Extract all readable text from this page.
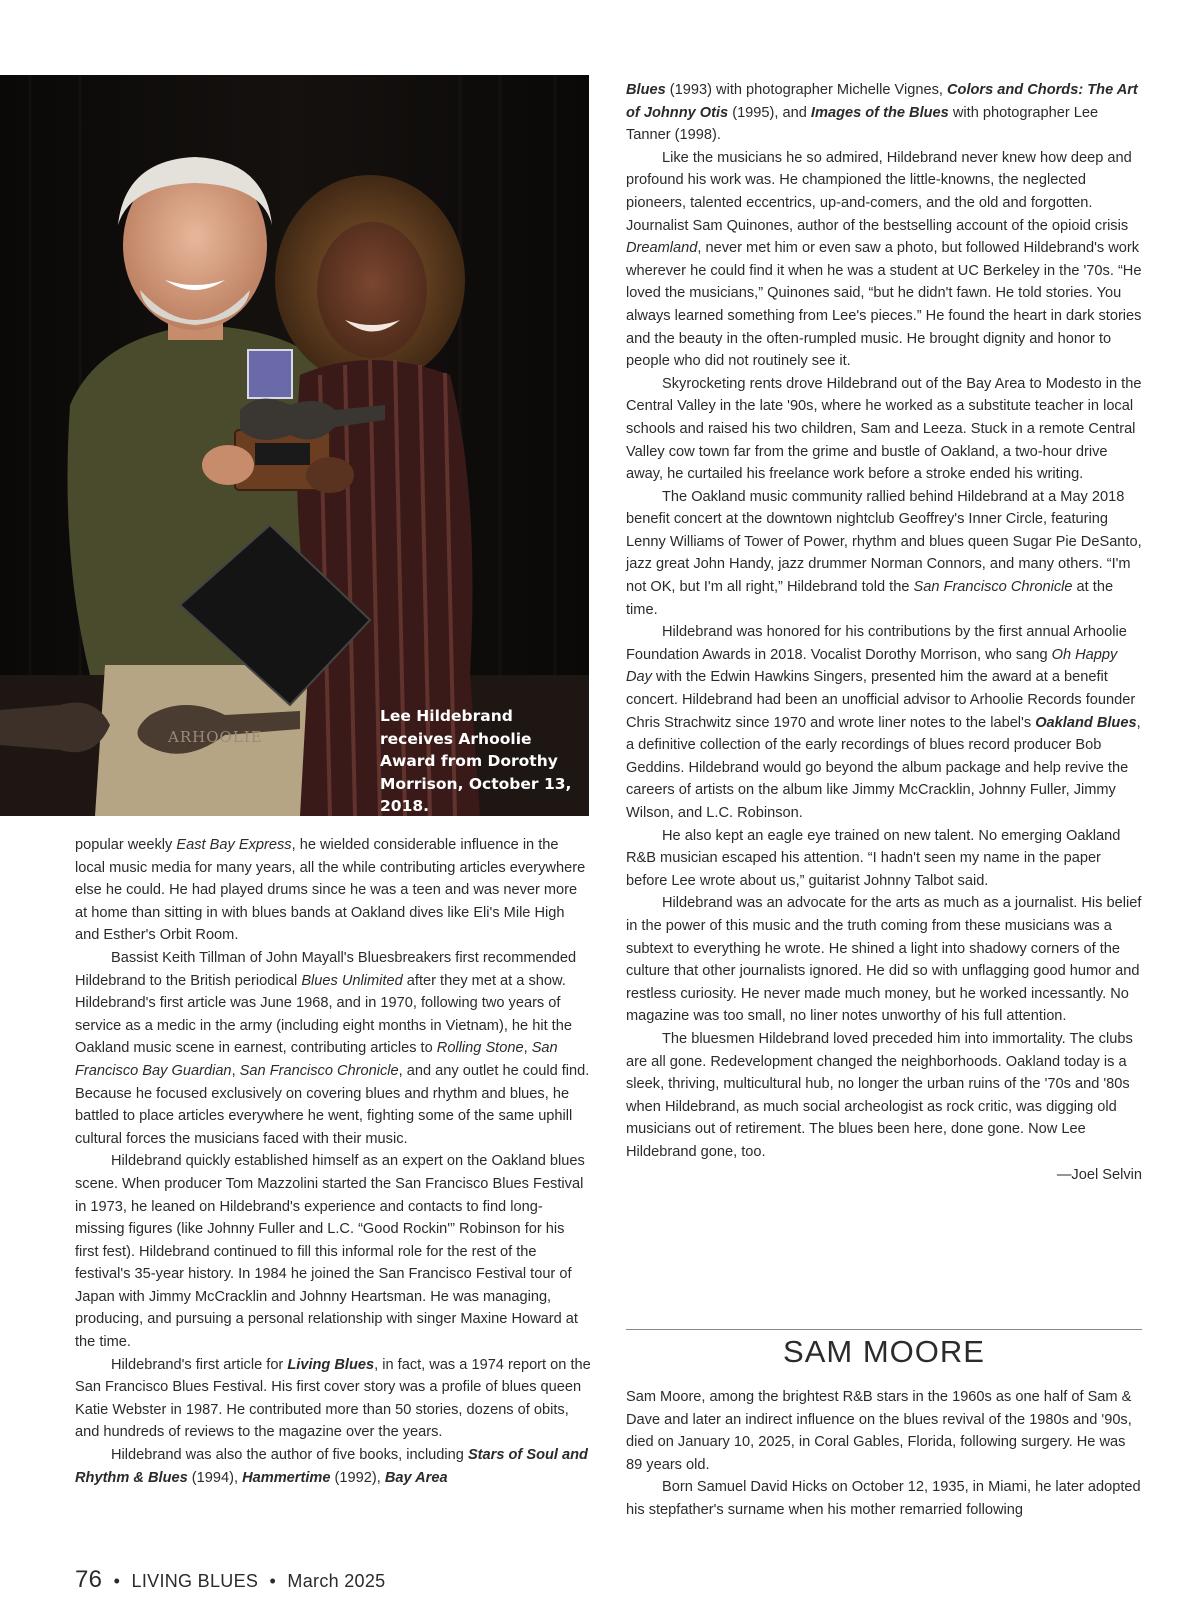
ARHOOLIE
Lee Hildebrand receives Arhoolie Award from Dorothy Morrison, October 13, 2018.

popular weekly East Bay Express, he wielded considerable influence in the local music media for many years, all the while contributing articles everywhere else he could. He had played drums since he was a teen and was never more at home than sitting in with blues bands at Oakland dives like Eli's Mile High and Esther's Orbit Room.

Bassist Keith Tillman of John Mayall's Bluesbreakers first recommended Hildebrand to the British periodical Blues Unlimited after they met at a show. Hildebrand's first article was June 1968, and in 1970, following two years of service as a medic in the army (including eight months in Vietnam), he hit the Oakland music scene in earnest, contributing articles to Rolling Stone, San Francisco Bay Guardian, San Francisco Chronicle, and any outlet he could find. Because he focused exclusively on covering blues and rhythm and blues, he battled to place articles everywhere he went, fighting some of the same uphill cultural forces the musicians faced with their music.

Hildebrand quickly established himself as an expert on the Oakland blues scene. When producer Tom Mazzolini started the San Francisco Blues Festival in 1973, he leaned on Hildebrand's experience and contacts to find long-missing figures (like Johnny Fuller and L.C. “Good Rockin'” Robinson for his first fest). Hildebrand continued to fill this informal role for the rest of the festival's 35-year history. In 1984 he joined the San Francisco Festival tour of Japan with Jimmy McCracklin and Johnny Heartsman. He was managing, producing, and pursuing a personal relationship with singer Maxine Howard at the time.

Hildebrand's first article for Living Blues, in fact, was a 1974 report on the San Francisco Blues Festival. His first cover story was a profile of blues queen Katie Webster in 1987. He contributed more than 50 stories, dozens of obits, and hundreds of reviews to the magazine over the years.

Hildebrand was also the author of five books, including Stars of Soul and Rhythm & Blues (1994), Hammertime (1992), Bay Area

Blues (1993) with photographer Michelle Vignes, Colors and Chords: The Art of Johnny Otis (1995), and Images of the Blues with photographer Lee Tanner (1998).

Like the musicians he so admired, Hildebrand never knew how deep and profound his work was. He championed the little-knowns, the neglected pioneers, talented eccentrics, up-and-comers, and the old and forgotten. Journalist Sam Quinones, author of the bestselling account of the opioid crisis Dreamland, never met him or even saw a photo, but followed Hildebrand's work wherever he could find it when he was a student at UC Berkeley in the '70s. “He loved the musicians,” Quinones said, “but he didn't fawn. He told stories. You always learned something from Lee's pieces.” He found the heart in dark stories and the beauty in the often-rumpled music. He brought dignity and honor to people who did not routinely see it.

Skyrocketing rents drove Hildebrand out of the Bay Area to Modesto in the Central Valley in the late '90s, where he worked as a substitute teacher in local schools and raised his two children, Sam and Leeza. Stuck in a remote Central Valley cow town far from the grime and bustle of Oakland, a two-hour drive away, he curtailed his freelance work before a stroke ended his writing.

The Oakland music community rallied behind Hildebrand at a May 2018 benefit concert at the downtown nightclub Geoffrey's Inner Circle, featuring Lenny Williams of Tower of Power, rhythm and blues queen Sugar Pie DeSanto, jazz great John Handy, jazz drummer Norman Connors, and many others. “I'm not OK, but I'm all right,” Hildebrand told the San Francisco Chronicle at the time.

Hildebrand was honored for his contributions by the first annual Arhoolie Foundation Awards in 2018. Vocalist Dorothy Morrison, who sang Oh Happy Day with the Edwin Hawkins Singers, presented him the award at a benefit concert. Hildebrand had been an unofficial advisor to Arhoolie Records founder Chris Strachwitz since 1970 and wrote liner notes to the label's Oakland Blues, a definitive collection of the early recordings of blues record producer Bob Geddins. Hildebrand would go beyond the album package and help revive the careers of artists on the album like Jimmy McCracklin, Johnny Fuller, Jimmy Wilson, and L.C. Robinson.

He also kept an eagle eye trained on new talent. No emerging Oakland R&B musician escaped his attention. “I hadn't seen my name in the paper before Lee wrote about us,” guitarist Johnny Talbot said.

Hildebrand was an advocate for the arts as much as a journalist. His belief in the power of this music and the truth coming from these musicians was a subtext to everything he wrote. He shined a light into shadowy corners of the culture that other journalists ignored. He did so with unflagging good humor and restless curiosity. He never made much money, but he worked incessantly. No magazine was too small, no liner notes unworthy of his full attention.

The bluesmen Hildebrand loved preceded him into immortality. The clubs are all gone. Redevelopment changed the neighborhoods. Oakland today is a sleek, thriving, multicultural hub, no longer the urban ruins of the '70s and '80s when Hildebrand, as much social archeologist as rock critic, was digging old musicians out of retirement. The blues been here, done gone. Now Lee Hildebrand gone, too.

—Joel Selvin

SAM MOORE

Sam Moore, among the brightest R&B stars in the 1960s as one half of Sam & Dave and later an indirect influence on the blues revival of the 1980s and '90s, died on January 10, 2025, in Coral Gables, Florida, following surgery. He was 89 years old.

Born Samuel David Hicks on October 12, 1935, in Miami, he later adopted his stepfather's surname when his mother remarried following

76 • LIVING BLUES • March 2025
